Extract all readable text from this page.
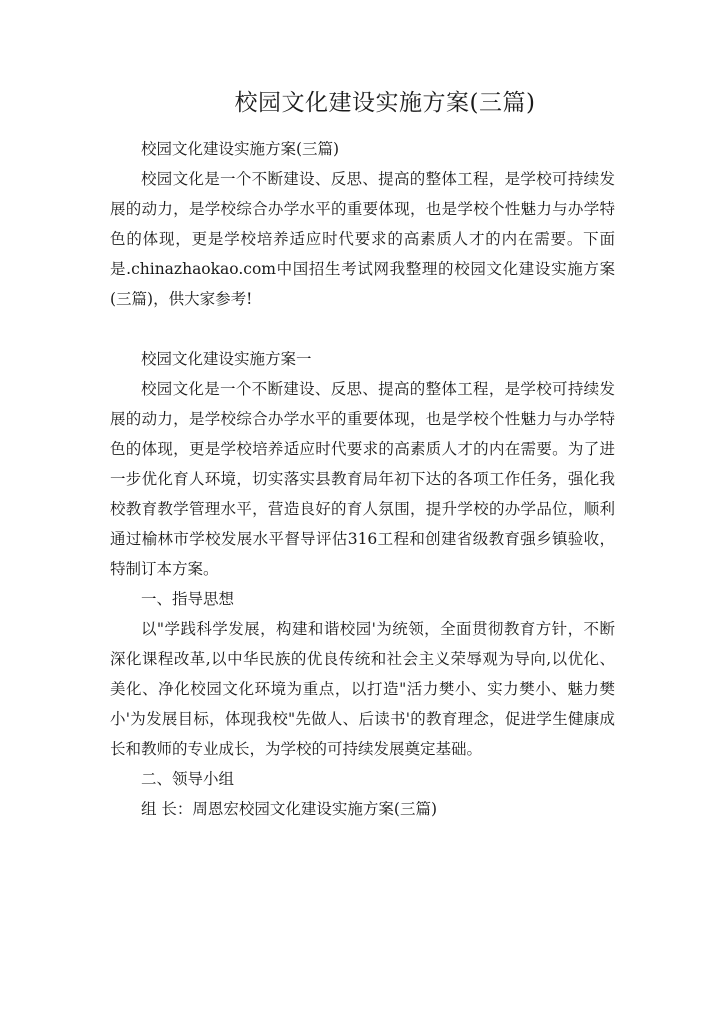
校园文化建设实施方案(三篇)

校园文化建设实施方案(三篇)

校园文化是一个不断建设、反思、提高的整体工程，是学校可持续发展的动力，是学校综合办学水平的重要体现，也是学校个性魅力与办学特色的体现，更是学校培养适应时代要求的高素质人才的内在需要。下面是.chinazhaokao.com中国招生考试网我整理的校园文化建设实施方案(三篇)，供大家参考!

校园文化建设实施方案一

校园文化是一个不断建设、反思、提高的整体工程，是学校可持续发展的动力，是学校综合办学水平的重要体现，也是学校个性魅力与办学特色的体现，更是学校培养适应时代要求的高素质人才的内在需要。为了进一步优化育人环境，切实落实县教育局年初下达的各项工作任务，强化我校教育教学管理水平，营造良好的育人氛围，提升学校的办学品位，顺利通过榆林市学校发展水平督导评估316工程和创建省级教育强乡镇验收，特制订本方案。

一、指导思想

以"学践科学发展，构建和谐校园'为统领，全面贯彻教育方针，不断深化课程改革,以中华民族的优良传统和社会主义荣辱观为导向,以优化、美化、净化校园文化环境为重点，以打造"活力樊小、实力樊小、魅力樊小'为发展目标，体现我校"先做人、后读书'的教育理念，促进学生健康成长和教师的专业成长，为学校的可持续发展奠定基础。

二、领导小组

组 长：周恩宏校园文化建设实施方案(三篇)
